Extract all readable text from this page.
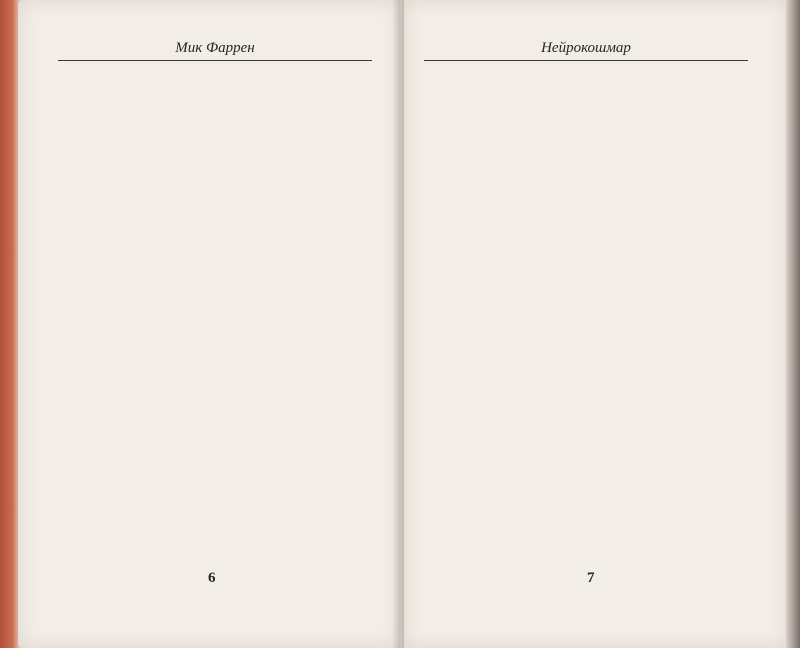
Мик Фаррен
6
Нейрокошмар
7
